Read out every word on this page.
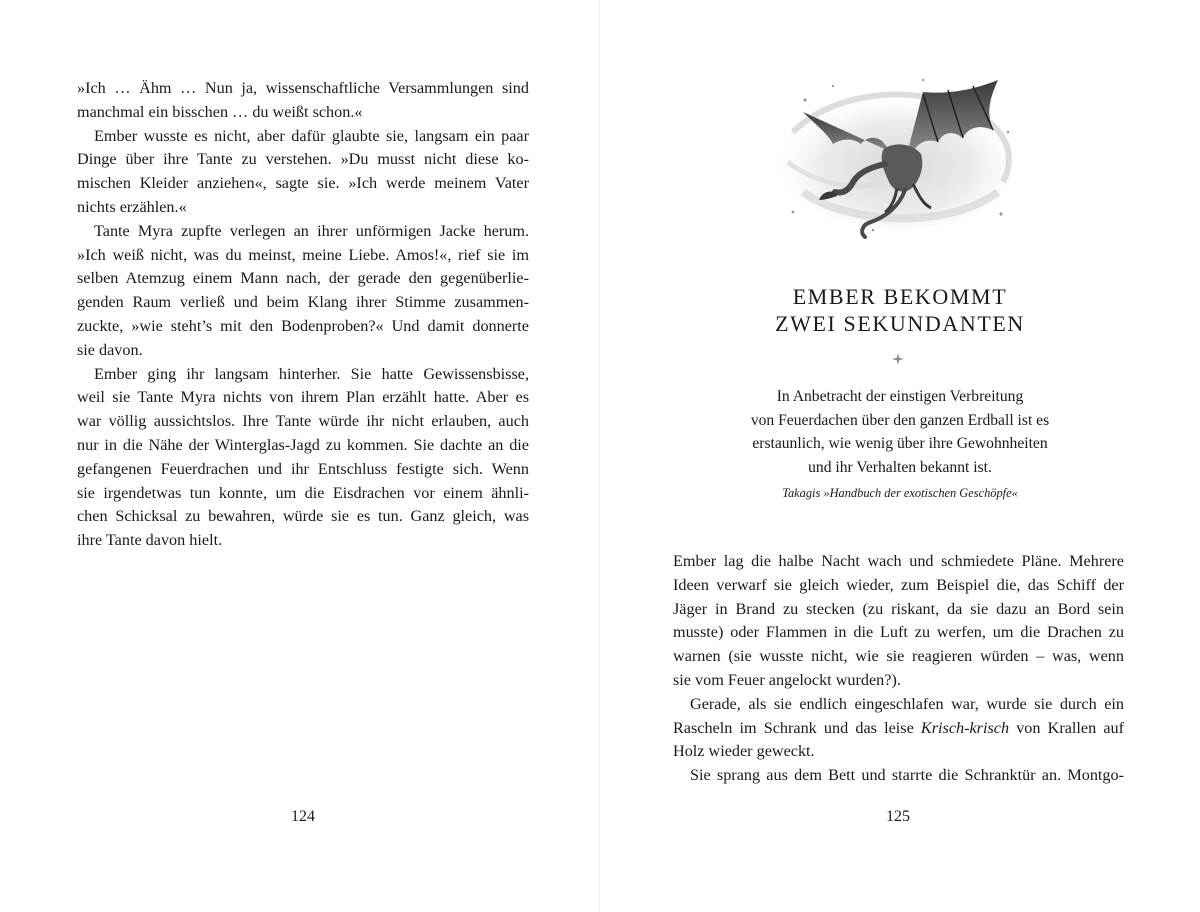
»Ich … Ähm … Nun ja, wissenschaftliche Versammlungen sind
manchmal ein bisschen … du weißt schon.«

Ember wusste es nicht, aber dafür glaubte sie, langsam ein paar
Dinge über ihre Tante zu verstehen. »Du musst nicht diese ko-
mischen Kleider anziehen«, sagte sie. »Ich werde meinem Vater
nichts erzählen.«

Tante Myra zupfte verlegen an ihrer unförmigen Jacke herum.
»Ich weiß nicht, was du meinst, meine Liebe. Amos!«, rief sie im
selben Atemzug einem Mann nach, der gerade den gegenüberlie-
genden Raum verließ und beim Klang ihrer Stimme zusammen-
zuckte, »wie steht’s mit den Bodenproben?« Und damit donnerte
sie davon.

Ember ging ihr langsam hinterher. Sie hatte Gewissensbisse,
weil sie Tante Myra nichts von ihrem Plan erzählt hatte. Aber es
war völlig aussichtslos. Ihre Tante würde ihr nicht erlauben, auch
nur in die Nähe der Winterglas-Jagd zu kommen. Sie dachte an die
gefangenen Feuerdrachen und ihr Entschluss festigte sich. Wenn
sie irgendetwas tun konnte, um die Eisdrachen vor einem ähnli-
chen Schicksal zu bewahren, würde sie es tun. Ganz gleich, was
ihre Tante davon hielt.

124
EMBER BEKOMMT
ZWEI SEKUNDANTEN
In Anbetracht der einstigen Verbreitung
von Feuerdachen über den ganzen Erdball ist es
erstaunlich, wie wenig über ihre Gewohnheiten
und ihr Verhalten bekannt ist.
Takagis »Handbuch der exotischen Geschöpfe«

Ember lag die halbe Nacht wach und schmiedete Pläne. Mehrere
Ideen verwarf sie gleich wieder, zum Beispiel die, das Schiff der
Jäger in Brand zu stecken (zu riskant, da sie dazu an Bord sein
musste) oder Flammen in die Luft zu werfen, um die Drachen zu
warnen (sie wusste nicht, wie sie reagieren würden – was, wenn
sie vom Feuer angelockt wurden?).

Gerade, als sie endlich eingeschlafen war, wurde sie durch ein
Rascheln im Schrank und das leise Krisch-krisch von Krallen auf
Holz wieder geweckt.

Sie sprang aus dem Bett und starrte die Schranktür an. Montgo-

125
